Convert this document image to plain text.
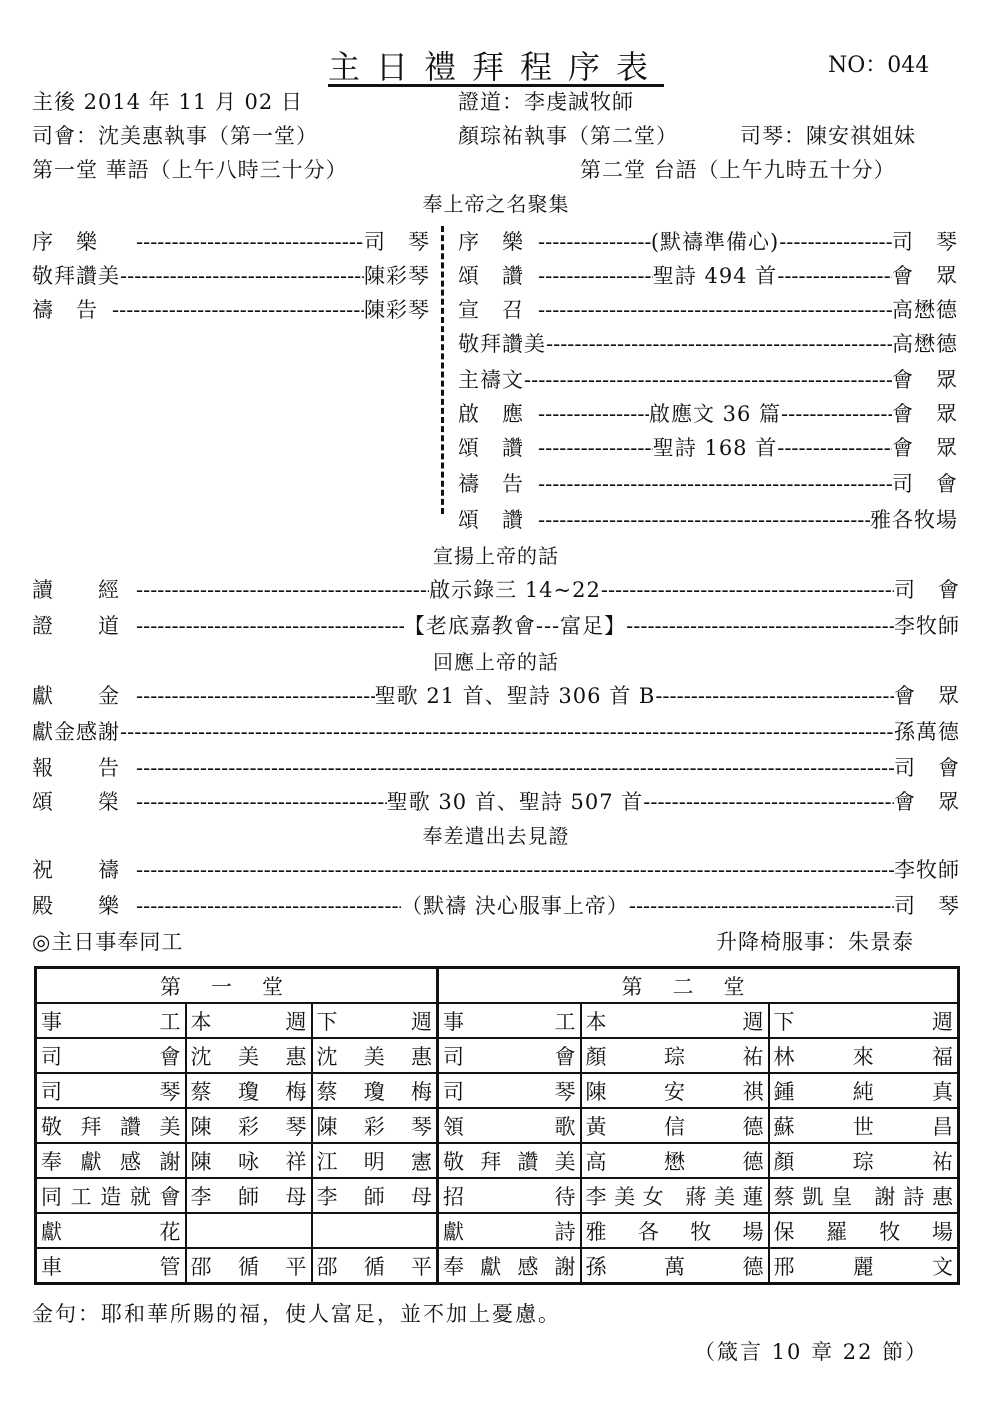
主日禮拜程序表	NO：044
主後 2014 年 11 月 02 日	證道：李虔誠牧師
司會：沈美惠執事（第一堂）	顏琮祐執事（第二堂）	司琴：陳安祺姐妹
第一堂 華語（上午八時三十分）	第二堂 台語（上午九時五十分）
奉上帝之名聚集
序　樂 -----	司　琴
敬拜讚美 -----	陳彩琴
禱　告 -----	陳彩琴
序　樂 -----	(默禱準備心) -----	司　琴
頌　讚 -----	聖詩 494 首 -----	會　眾
宣　召 -----	高懋德
敬拜讚美 -----	高懋德
主禱文 -----	會　眾
啟　應 -----	啟應文 36 篇 -----	會　眾
頌　讚 -----	聖詩 168 首 -----	會　眾
禱　告 -----	司　會
頌　讚 -----	雅各牧場
宣揚上帝的話
讀　　經 -----	啟示錄三 14~22 -----	司　會
證　　道 -----	【老底嘉教會---富足】 -----	李牧師
回應上帝的話
獻　　金 -----	聖歌 21 首、聖詩 306 首 B -----	會　眾
獻金感謝 -----	孫萬德
報　　告 -----	司　會
頌　　榮 -----	聖歌 30 首、聖詩 507 首 -----	會　眾
奉差遣出去見證
祝　　禱 -----	李牧師
殿　　樂 -----	（默禱 決心服事上帝） -----	司　琴
◎主日事奉同工	升降椅服事：朱景泰
第一堂			第二堂		
事工	本週	下週	事工	本週	下週
司會	沈美惠	沈美惠	司會	顏琮祐	林來福
司琴	蔡瓊梅	蔡瓊梅	司琴	陳安祺	鍾純真
敬拜讚美	陳彩琴	陳彩琴	領歌	黃信德	蘇世昌
奉獻感謝	陳咏祥	江明憲	敬拜讚美	高懋德	顏琮祐
同工造就會	李師母	李師母	招待	李美女 蔣美蓮	蔡凱皇 謝詩惠
獻花			獻詩	雅各牧場	保羅牧場
車管	邵循平	邵循平	奉獻感謝	孫萬德	邢麗文
金句：耶和華所賜的福，使人富足，並不加上憂慮。
（箴言 10 章 22 節）
